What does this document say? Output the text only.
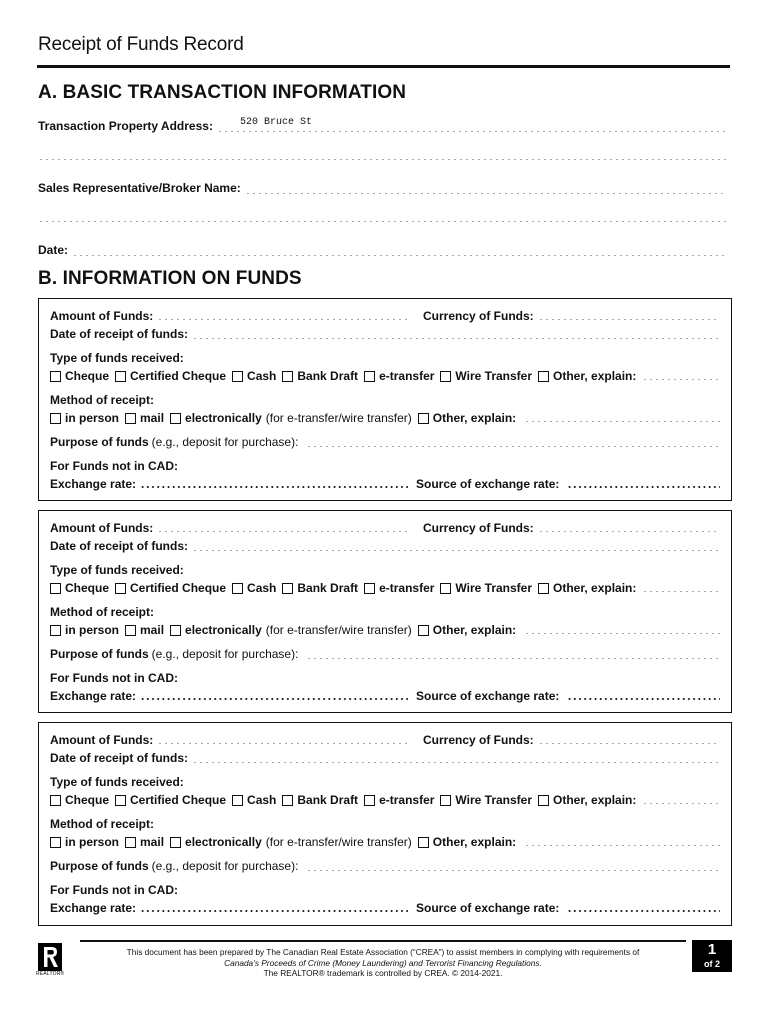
Receipt of Funds Record
A. BASIC TRANSACTION INFORMATION
Transaction Property Address:	520 Bruce St
Sales Representative/Broker Name:
Date:
B. INFORMATION ON FUNDS
Amount of Funds:	Currency of Funds:
Date of receipt of funds:
Type of funds received:
Cheque Certified Cheque Cash Bank Draft e-transfer Wire Transfer Other, explain:
Method of receipt:
in person mail electronically (for e-transfer/wire transfer) Other, explain:
Purpose of funds (e.g., deposit for purchase):
For Funds not in CAD:
Exchange rate:	Source of exchange rate:
Amount of Funds:	Currency of Funds:
Date of receipt of funds:
Type of funds received:
Cheque Certified Cheque Cash Bank Draft e-transfer Wire Transfer Other, explain:
Method of receipt:
in person mail electronically (for e-transfer/wire transfer) Other, explain:
Purpose of funds (e.g., deposit for purchase):
For Funds not in CAD:
Exchange rate:	Source of exchange rate:
Amount of Funds:	Currency of Funds:
Date of receipt of funds:
Type of funds received:
Cheque Certified Cheque Cash Bank Draft e-transfer Wire Transfer Other, explain:
Method of receipt:
in person mail electronically (for e-transfer/wire transfer) Other, explain:
Purpose of funds (e.g., deposit for purchase):
For Funds not in CAD:
Exchange rate:	Source of exchange rate:
REALTOR®
This document has been prepared by The Canadian Real Estate Association (“CREA”) to assist members in complying with requirements of
Canada’s Proceeds of Crime (Money Laundering) and Terrorist Financing Regulations.
The REALTOR® trademark is controlled by CREA. © 2014-2021.
1
of 2
